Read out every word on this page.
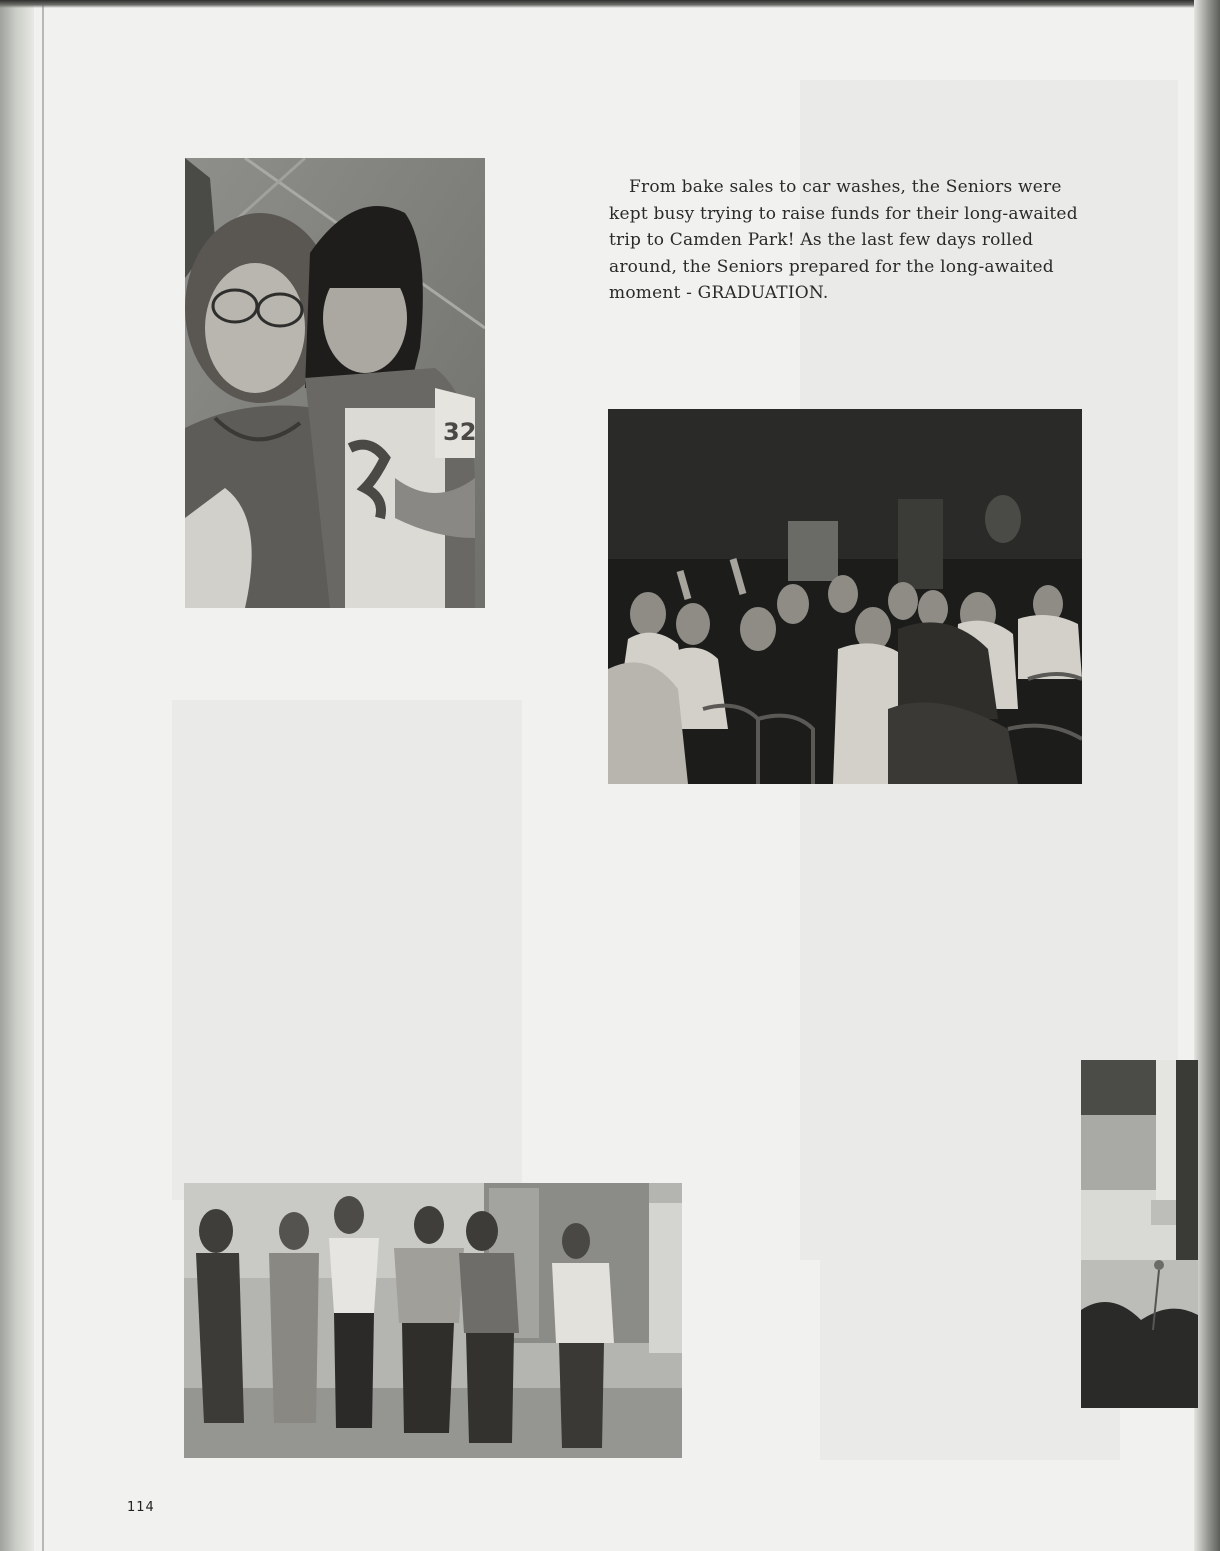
32

From bake sales to car washes, the Seniors were kept busy trying to raise funds for their long-awaited trip to Camden Park! As the last few days rolled around, the Seniors prepared for the long-awaited moment - GRADUATION.

114
